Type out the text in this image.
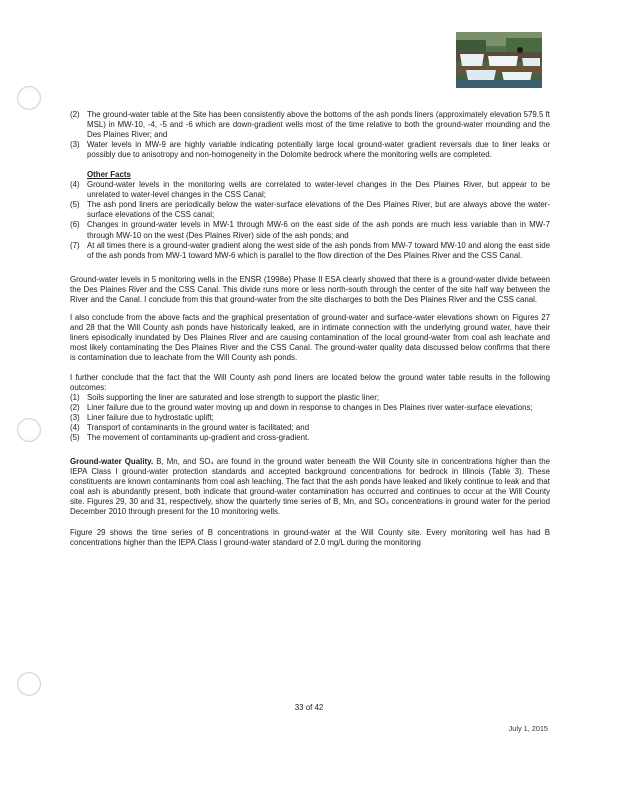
(2) The ground-water table at the Site has been consistently above the bottoms of the ash ponds liners (approximately elevation 579.5 ft MSL) in MW-10, -4, -5 and -6 which are down-gradient wells most of the time relative to both the ground-water mounding and the Des Plaines River; and
(3) Water levels in MW-9 are highly variable indicating potentially large local ground-water gradient reversals due to liner leaks or possibly due to anisotropy and non-homogeneity in the Dolomite bedrock where the monitoring wells are completed.
Other Facts
(4) Ground-water levels in the monitoring wells are correlated to water-level changes in the Des Plaines River, but appear to be unrelated to water-level changes in the CSS Canal;
(5) The ash pond liners are periodically below the water-surface elevations of the Des Plaines River, but are always above the water-surface elevations of the CSS canal;
(6) Changes in ground-water levels in MW-1 through MW-6 on the east side of the ash ponds are much less variable than in MW-7 through MW-10 on the west (Des Plaines River) side of the ash ponds; and
(7) At all times there is a ground-water gradient along the west side of the ash ponds from MW-7 toward MW-10 and along the east side of the ash ponds from MW-1 toward MW-6 which is parallel to the flow direction of the Des Plaines River and the CSS Canal.

Ground-water levels in 5 monitoring wells in the ENSR (1998e) Phase II ESA clearly showed that there is a ground-water divide between the Des Plaines River and the CSS Canal. This divide runs more or less north-south through the center of the site half way between the River and the Canal. I conclude from this that ground-water from the site discharges to both the Des Plaines River and the CSS canal.

I also conclude from the above facts and the graphical presentation of ground-water and surface-water elevations shown on Figures 27 and 28 that the Will County ash ponds have historically leaked, are in intimate connection with the underlying ground water, have their liners episodically inundated by Des Plaines River and are causing contamination of the local ground-water from coal ash leachate and most likely contaminating the Des Plaines River and the CSS Canal. The ground-water quality data discussed below confirms that there is contamination due to leachate from the Will County ash ponds.

I further conclude that the fact that the Will County ash pond liners are located below the ground water table results in the following outcomes:

(1) Soils supporting the liner are saturated and lose strength to support the plastic liner;
(2) Liner failure due to the ground water moving up and down in response to changes in Des Plaines river water-surface elevations;
(3) Liner failure due to hydrostatic uplift;
(4) Transport of contaminants in the ground water is facilitated; and
(5) The movement of contaminants up-gradient and cross-gradient.

Ground-water Quality. B, Mn, and SO₄ are found in the ground water beneath the Will County site in concentrations higher than the IEPA Class I ground-water protection standards and accepted background concentrations for bedrock in Illinois (Table 3). These constituents are known contaminants from coal ash leaching. The fact that the ash ponds have leaked and likely continue to leak and that coal ash is abundantly present, both indicate that ground-water contamination has occurred and continues to occur at the Will County site. Figures 29, 30 and 31, respectively, show the quarterly time series of B, Mn, and SO₄ concentrations in ground water for the period December 2010 through present for the 10 monitoring wells.

Figure 29 shows the time series of B concentrations in ground-water at the Will County site. Every monitoring well has had B concentrations higher than the IEPA Class I ground-water standard of 2.0 mg/L during the monitoring

33 of 42
July 1, 2015
